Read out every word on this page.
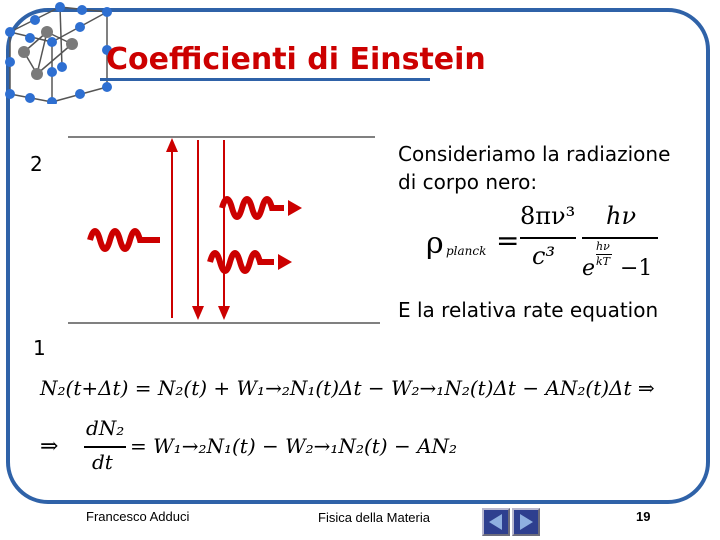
Coefficienti di Einstein
2
1
Consideriamo la radiazione
di corpo nero:
ρ planck =
8πν³
c³
hν
e
hν
kT −1
E la relativa rate equation
N₂(t+Δt) = N₂(t) + W₁→₂N₁(t)Δt − W₂→₁N₂(t)Δt − AN₂(t)Δt ⇒
⇒
dN₂
dt
= W₁→₂N₁(t) − W₂→₁N₂(t) − AN₂
Francesco Adduci	Fisica della Materia	19
